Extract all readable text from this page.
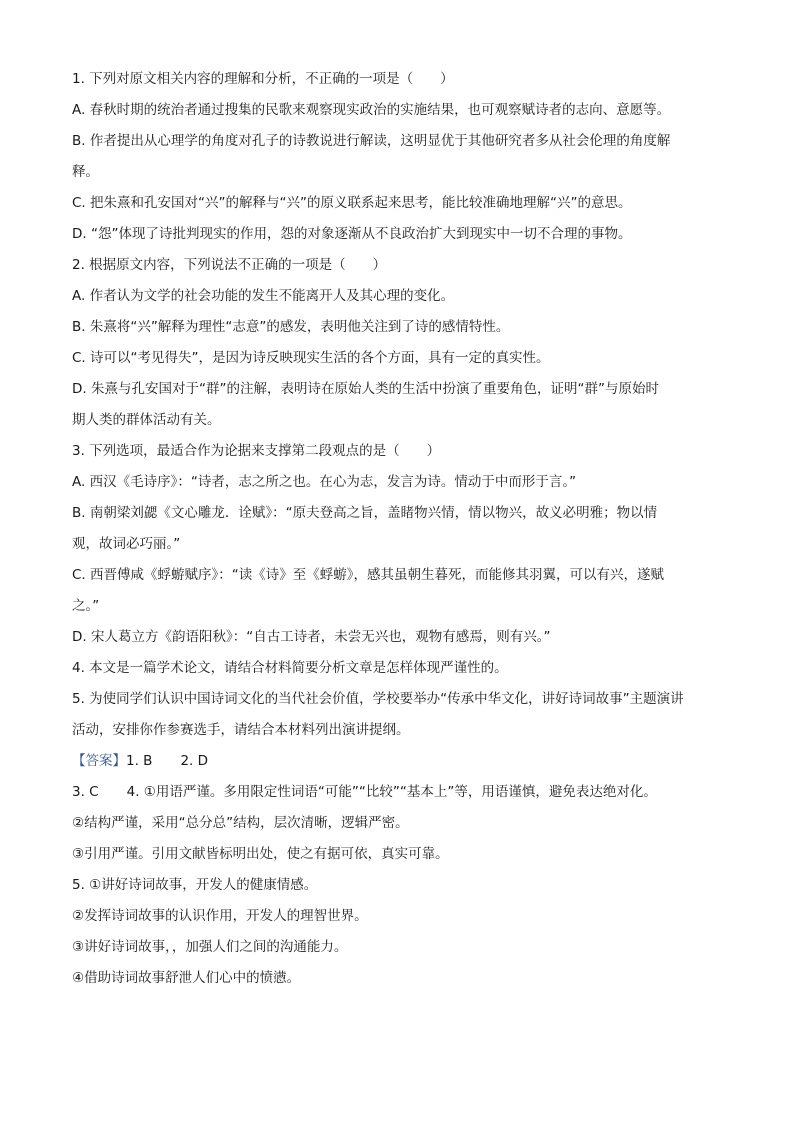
1. 下列对原文相关内容的理解和分析，不正确的一项是（　　）
A. 春秋时期的统治者通过搜集的民歌来观察现实政治的实施结果，也可观察赋诗者的志向、意愿等。
B. 作者提出从心理学的角度对孔子的诗教说进行解读，这明显优于其他研究者多从社会伦理的角度解
释。
C. 把朱熹和孔安国对“兴”的解释与“兴”的原义联系起来思考，能比较准确地理解“兴”的意思。
D. “怨”体现了诗批判现实的作用，怨的对象逐渐从不良政治扩大到现实中一切不合理的事物。
2. 根据原文内容，下列说法不正确的一项是（　　）
A. 作者认为文学的社会功能的发生不能离开人及其心理的变化。
B. 朱熹将“兴”解释为理性“志意”的感发，表明他关注到了诗的感情特性。
C. 诗可以“考见得失”，是因为诗反映现实生活的各个方面，具有一定的真实性。
D. 朱熹与孔安国对于“群”的注解，表明诗在原始人类的生活中扮演了重要角色，证明“群”与原始时
期人类的群体活动有关。
3. 下列选项，最适合作为论据来支撑第二段观点的是（　　）
A. 西汉《毛诗序》：“诗者，志之所之也。在心为志，发言为诗。情动于中而形于言。”
B. 南朝梁刘勰《文心雕龙．诠赋》：“原夫登高之旨，盖睹物兴情，情以物兴，故义必明雅；物以情
观，故词必巧丽。”
C. 西晋傅咸《蜉蝣赋序》：“读《诗》至《蜉蝣》，感其虽朝生暮死，而能修其羽翼，可以有兴，遂赋
之。”
D. 宋人葛立方《韵语阳秋》：“自古工诗者，未尝无兴也，观物有感焉，则有兴。”
4. 本文是一篇学术论文，请结合材料简要分析文章是怎样体现严谨性的。
5. 为使同学们认识中国诗词文化的当代社会价值，学校要举办“传承中华文化，讲好诗词故事”主题演讲
活动，安排你作参赛选手，请结合本材料列出演讲提纲。
【答案】1. B 2. D
3. C 4. ①用语严谨。多用限定性词语“可能”“比较”“基本上”等，用语谨慎，避免表达绝对化。
②结构严谨，采用“总分总”结构，层次清晰，逻辑严密。
③引用严谨。引用文献皆标明出处，使之有据可依，真实可靠。
5. ①讲好诗词故事，开发人的健康情感。
②发挥诗词故事的认识作用，开发人的理智世界。
③讲好诗词故事，，加强人们之间的沟通能力。
④借助诗词故事舒泄人们心中的愤懑。
